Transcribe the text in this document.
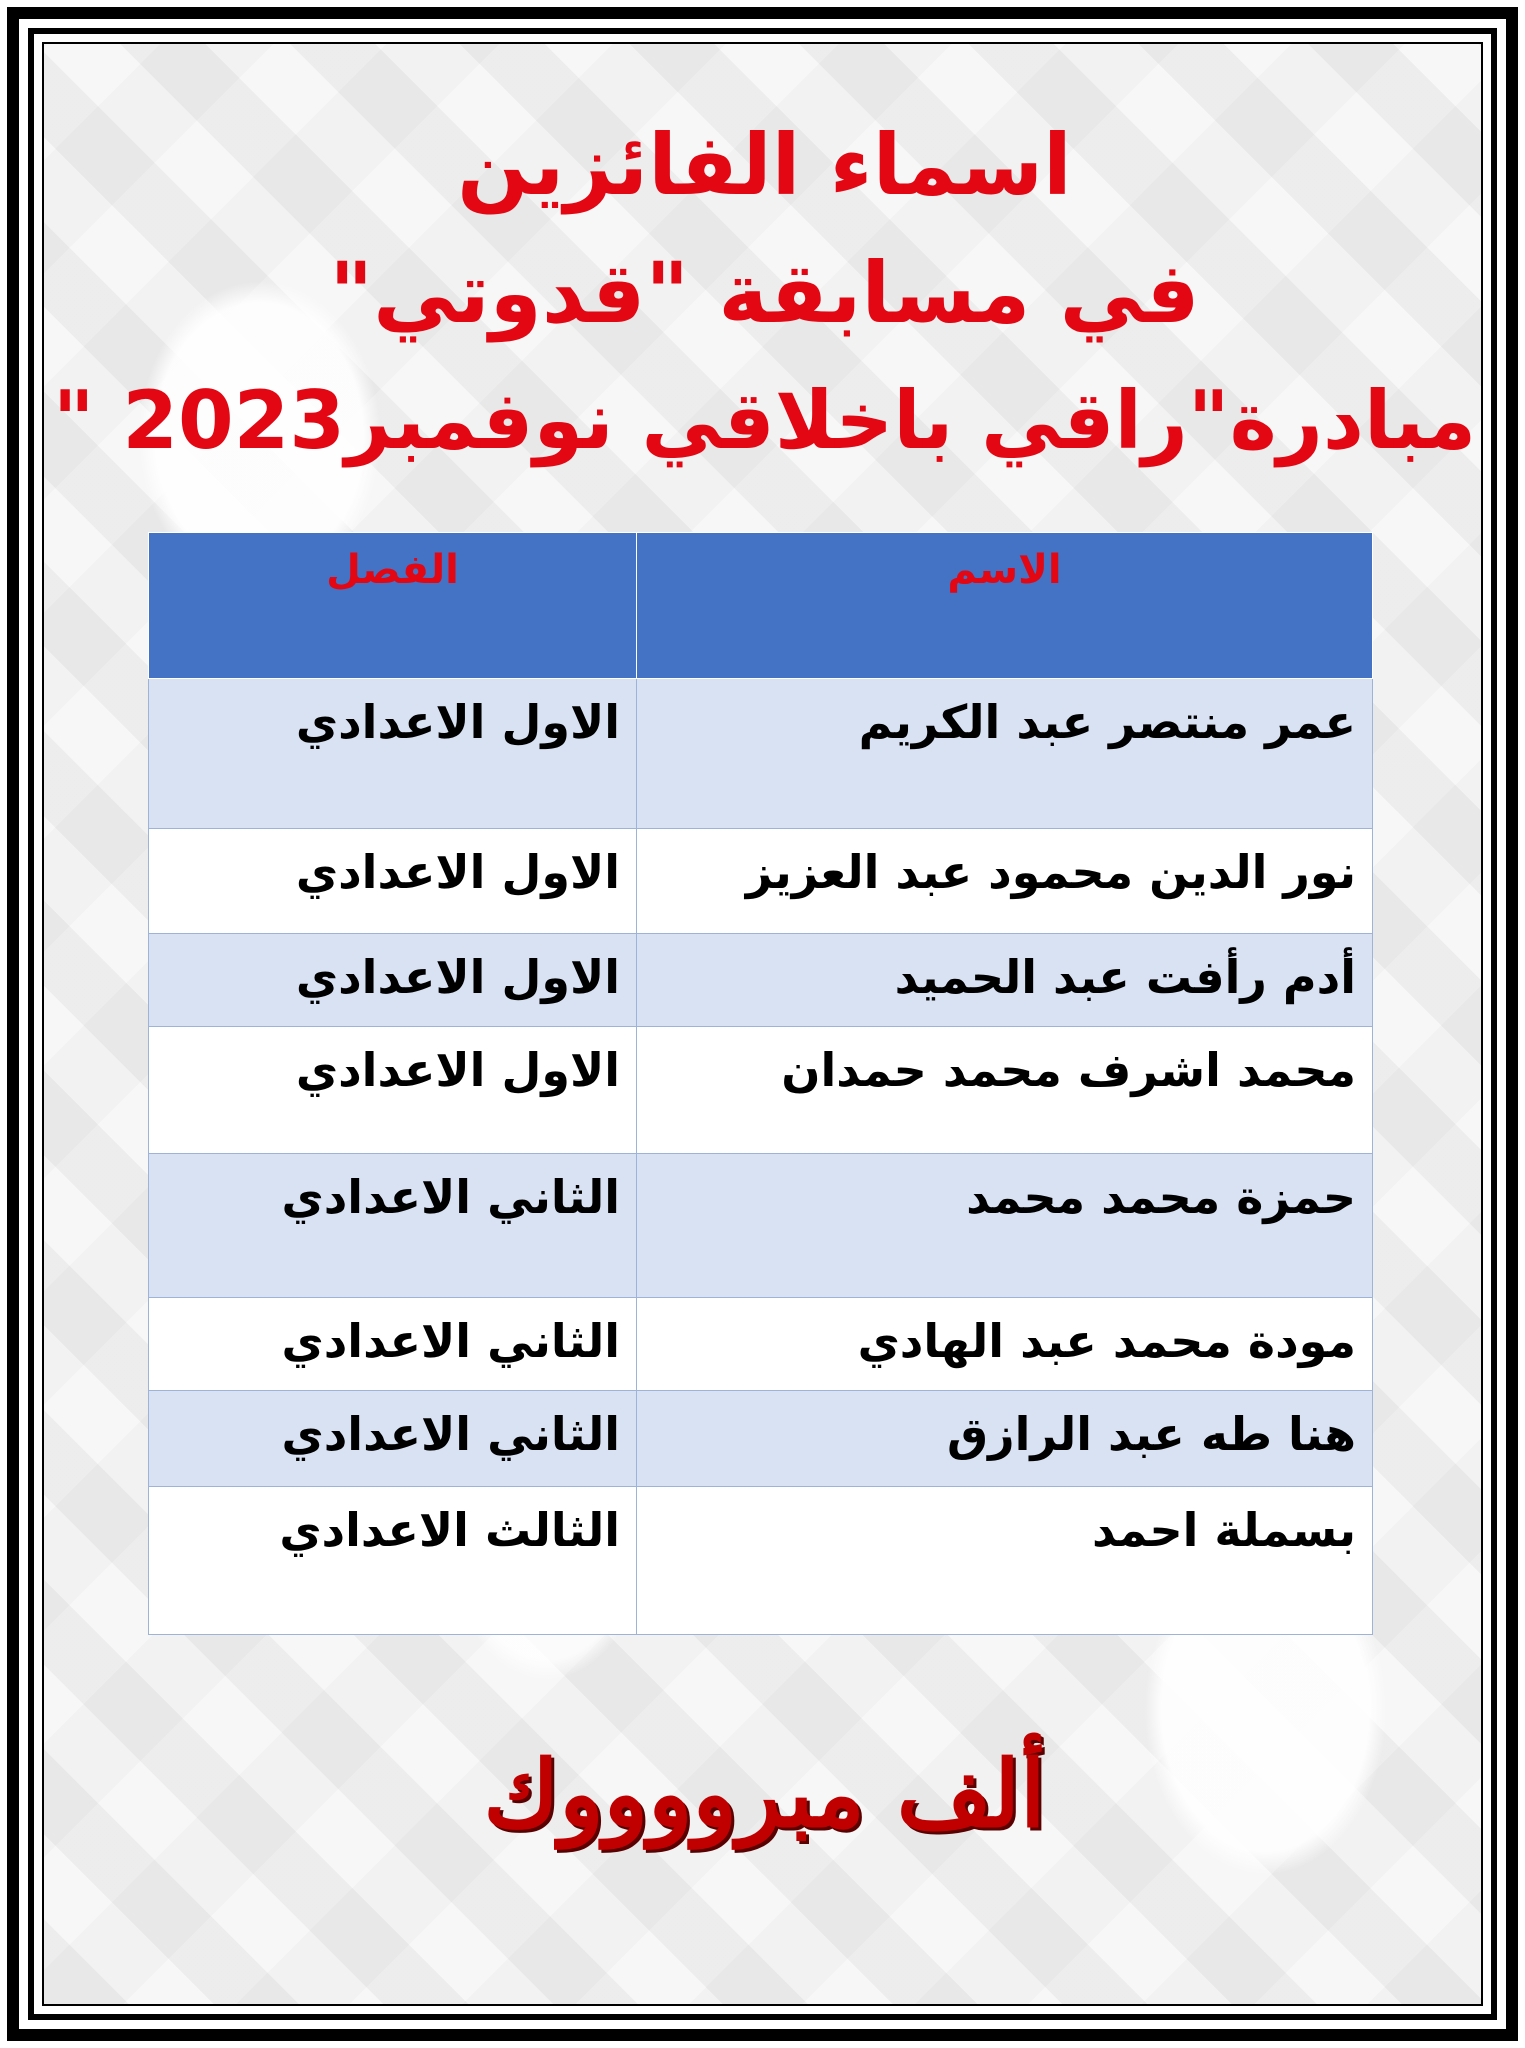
اسماء الفائزين
في مسابقة "قدوتي"
مبادرة"راقي باخلاقي نوفمبر2023 "
الاسم	الفصل
عمر منتصر عبد الكريم	الاول الاعدادي
نور الدين محمود عبد العزيز	الاول الاعدادي
أدم رأفت عبد الحميد	الاول الاعدادي
محمد اشرف محمد حمدان	الاول الاعدادي
حمزة محمد محمد	الثاني الاعدادي
مودة محمد عبد الهادي	الثاني الاعدادي
هنا طه عبد الرازق	الثاني الاعدادي
بسملة احمد	الثالث الاعدادي

ألف مبرووووك
